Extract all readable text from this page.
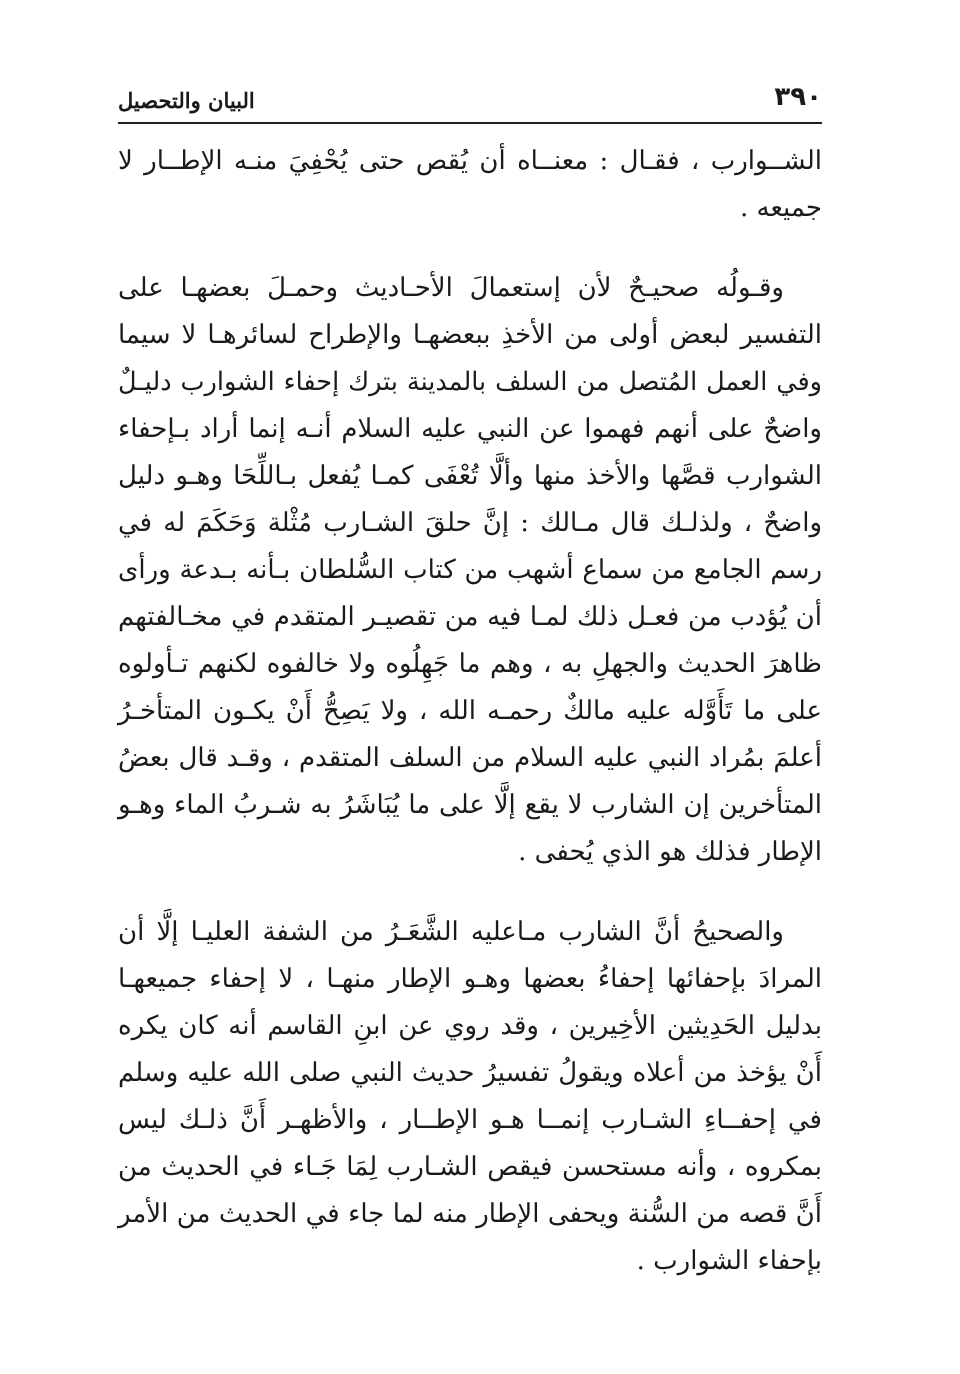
٣٩٠
البيان والتحصيل

الشــوارب ، فقـال : معنــاه أن يُقص حتى يُحْفِيَ منـه الإطــار لا
جميعه .

وقـولُه صحيـحٌ لأن إستعمالَ الأحـاديث وحمـلَ بعضهـا على
التفسير لبعض أولى من الأخذِ ببعضهـا والإطراح لسائرهـا لا سيما
وفي العمل المُتصل من السلف بالمدينة بترك إحفاء الشوارب دليـلٌ
واضحٌ على أنهم فهموا عن النبي عليه السلام أنـه إنما أراد بـإحفاء
الشوارب قصَّها والأخذ منها وألَّا تُعْفَى كمـا يُفعل بـاللِّحَا وهـو دليل
واضحٌ ، ولذلـك قال مـالك : إنَّ حلقَ الشـارب مُثْلة وَحَكَمَ له في
رسم الجامع من سماع أشهب من كتاب السُّلطان بـأنه بـدعة ورأى
أن يُؤدب من فعـل ذلك لمـا فيه من تقصيـر المتقدم في مخـالفتهم
ظاهرَ الحديث والجهلِ به ، وهم ما جَهِلُوه ولا خالفوه لكنهم تـأولوه
على ما تَأَوَّله عليه مالكٌ رحمـه الله ، ولا يَصِحُّ أَنْ يكـون المتأخـرُ
أعلمَ بمُراد النبي عليه السلام من السلف المتقدم ، وقـد قال بعضُ
المتأخرين إن الشارب لا يقع إلَّا على ما يُبَاشَرُ به شـربُ الماء وهـو
الإطار فذلك هو الذي يُحفى .

والصحيحُ أنَّ الشارب مـاعليه الشَّعَـرُ من الشفة العليـا إلَّا أن
المرادَ بإحفائها إحفاءُ بعضها وهـو الإطار منهـا ، لا إحفاء جميعهـا
بدليل الحَدِيثين الأخِيرين ، وقد روي عن ابنِ القاسم أنه كان يكره
أَنْ يؤخذ من أعلاه ويقولُ تفسيرُ حديث النبي صلى الله عليه وسلم
في إحفــاءِ الشـارب إنمــا هـو الإطــار ، والأظهـر أَنَّ ذلـك ليس
بمكروه ، وأنه مستحسن فيقص الشـارب لِمَا جَـاء في الحديث من
أَنَّ قصه من السُّنة ويحفى الإطار منه لما جاء في الحديث من الأمر
بإحفاء الشوارب .
